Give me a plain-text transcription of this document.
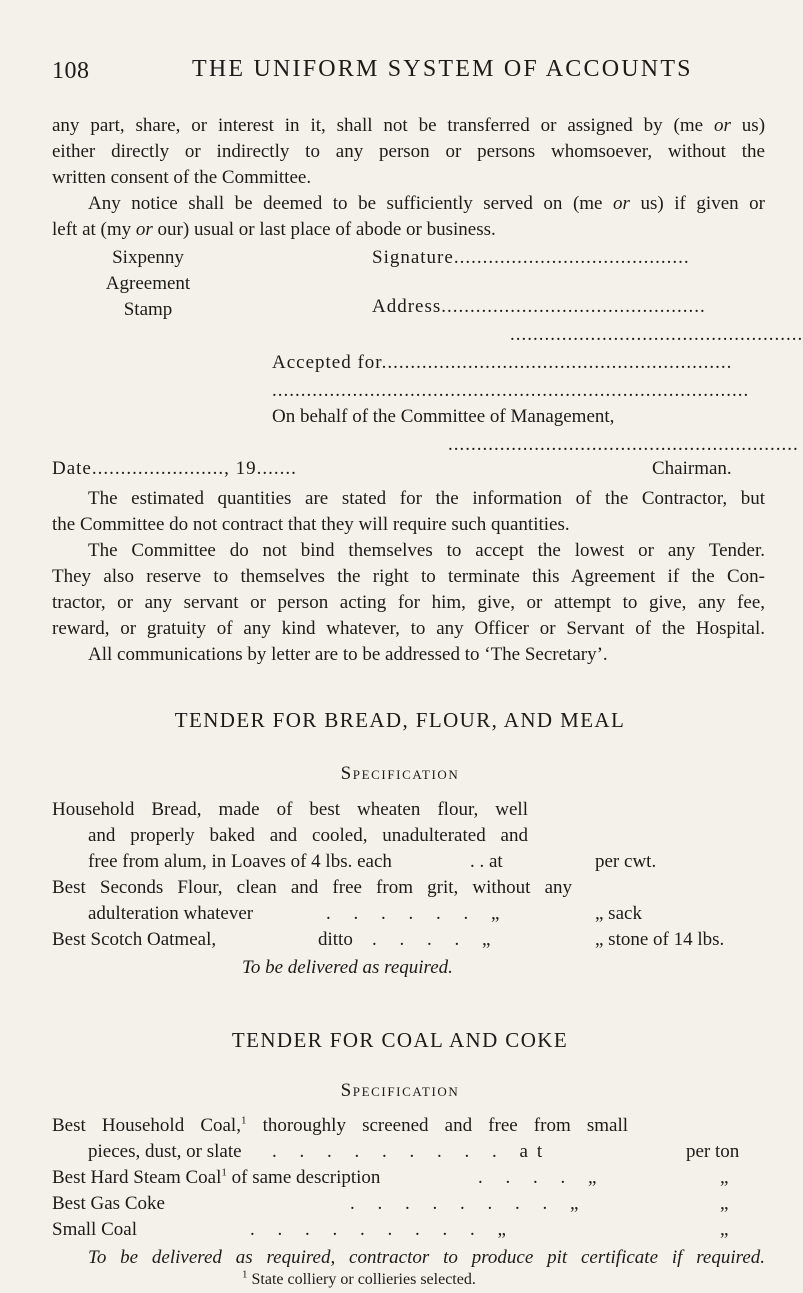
108	THE UNIFORM SYSTEM OF ACCOUNTS
any part, share, or interest in it, shall not be transferred or assigned by (me or us)
either directly or indirectly to any person or persons whomsoever, without the
written consent of the Committee.
Any notice shall be deemed to be sufficiently served on (me or us) if given or
left at (my or our) usual or last place of abode or business.
Sixpenny
Agreement
Stamp
Signature.........................................
Address..............................................
...................................................
Accepted for.............................................................
...................................................................................
On behalf of the Committee of Management,
.............................................................
Date......................., 19.......	Chairman.
The estimated quantities are stated for the information of the Contractor, but
the Committee do not contract that they will require such quantities.
The Committee do not bind themselves to accept the lowest or any Tender.
They also reserve to themselves the right to terminate this Agreement if the Con-
tractor, or any servant or person acting for him, give, or attempt to give, any fee,
reward, or gratuity of any kind whatever, to any Officer or Servant of the Hospital.
All communications by letter are to be addressed to ‘The Secretary’.
TENDER FOR BREAD, FLOUR, AND MEAL
Specification
Household Bread, made of best wheaten flour, well
and properly baked and cooled, unadulterated and
free from alum, in Loaves of 4 lbs. each	. . at	per cwt.
Best Seconds Flour, clean and free from grit, without any
adulteration whatever	. . . . . . „	„ sack
Best Scotch Oatmeal,	ditto . . . . „	„ stone of 14 lbs.
To be delivered as required.
TENDER FOR COAL AND COKE
Specification
Best Household Coal,$^1$ thoroughly screened and free from small
pieces, dust, or slate . . . . . . . . . at	per ton
Best Hard Steam Coal$^1$ of same description	. . . . „	„
Best Gas Coke	. . . . . . . . „	„
Small Coal	. . . . . . . . . „	„
To be delivered as required, contractor to produce pit certificate if required.
$^1$ State colliery or collieries selected.
